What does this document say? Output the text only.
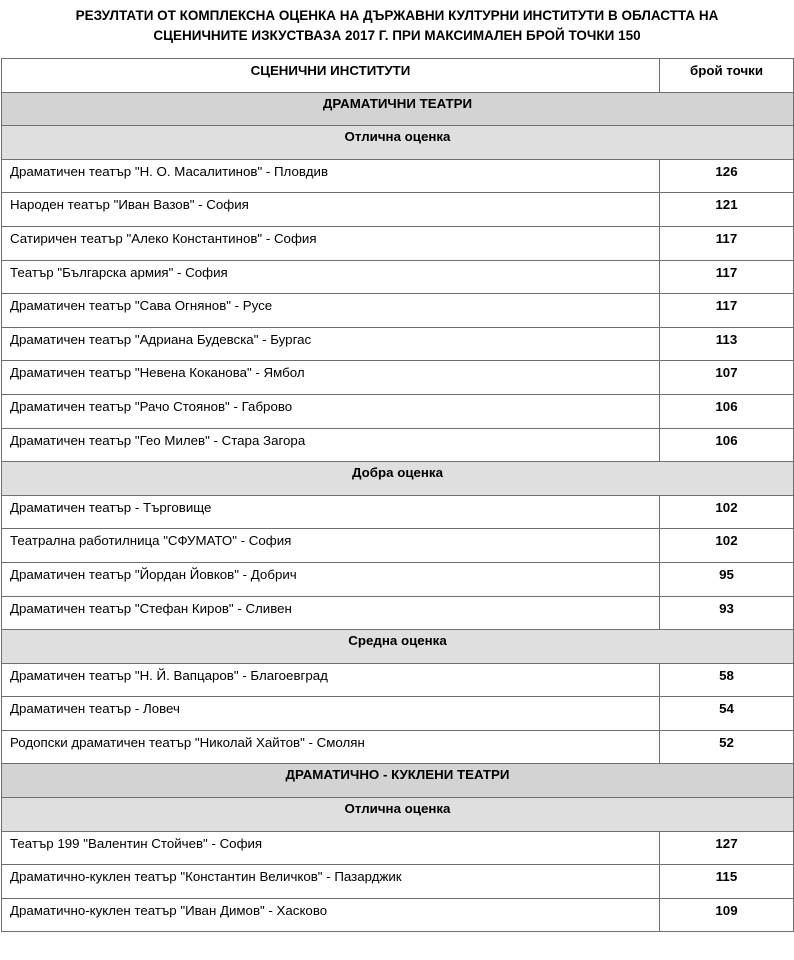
РЕЗУЛТАТИ ОТ КОМПЛЕКСНА ОЦЕНКА НА ДЪРЖАВНИ КУЛТУРНИ ИНСТИТУТИ В ОБЛАСТТА НА
СЦЕНИЧНИТЕ ИЗКУСТВАЗА 2017 Г. ПРИ МАКСИМАЛЕН БРОЙ ТОЧКИ 150
СЦЕНИЧНИ ИНСТИТУТИ	брой точки
ДРАМАТИЧНИ ТЕАТРИ	
Отлична оценка	
Драматичен театър "Н. О. Масалитинов" - Пловдив	126
Народен театър "Иван Вазов" - София	121
Сатиричен театър "Алеко Константинов" - София	117
Театър "Българска армия" - София	117
Драматичен театър "Сава Огнянов" - Русе	117
Драматичен театър "Адриана Будевска" - Бургас	113
Драматичен театър "Невена Коканова" - Ямбол	107
Драматичен театър "Рачо Стоянов" - Габрово	106
Драматичен театър "Гео Милев" - Стара Загора	106
Добра оценка	
Драматичен театър - Търговище	102
Театрална работилница "СФУМАТО" - София	102
Драматичен театър "Йордан Йовков" - Добрич	95
Драматичен театър "Стефан Киров" - Сливен	93
Средна оценка	
Драматичен театър "Н. Й. Вапцаров" - Благоевград	58
Драматичен театър - Ловеч	54
Родопски драматичен театър "Николай Хайтов" - Смолян	52
ДРАМАТИЧНО - КУКЛЕНИ ТЕАТРИ	
Отлична оценка	
Театър 199 "Валентин Стойчев" - София	127
Драматично-куклен театър "Константин Величков" - Пазарджик	115
Драматично-куклен театър "Иван Димов" - Хасково	109
